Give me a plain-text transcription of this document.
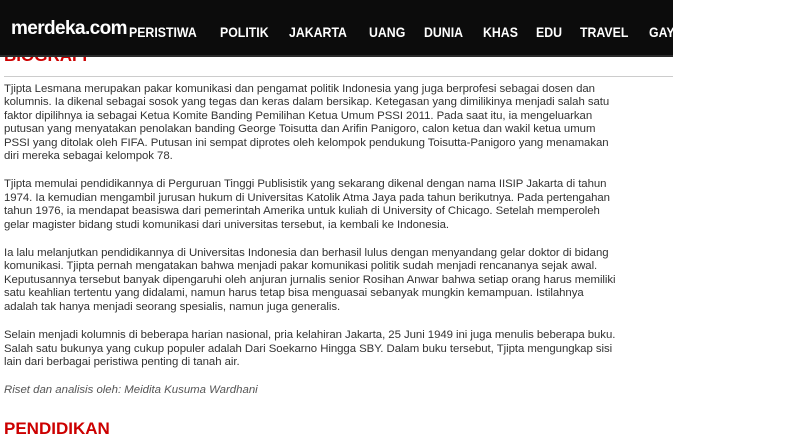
Tjipta Lesmana merupakan pakar komunikasi dan pengamat politik Indonesia yang juga berprofesi sebagai dosen dan
kolumnis. Ia dikenal sebagai sosok yang tegas dan keras dalam bersikap. Ketegasan yang dimilikinya menjadi salah satu
faktor dipilihnya ia sebagai Ketua Komite Banding Pemilihan Ketua Umum PSSI 2011. Pada saat itu, ia mengeluarkan
putusan yang menyatakan penolakan banding George Toisutta dan Arifin Panigoro, calon ketua dan wakil ketua umum
PSSI yang ditolak oleh FIFA. Putusan ini sempat diprotes oleh kelompok pendukung Toisutta-Panigoro yang menamakan
diri mereka sebagai kelompok 78.

Tjipta memulai pendidikannya di Perguruan Tinggi Publisistik yang sekarang dikenal dengan nama IISIP Jakarta di tahun
1974. Ia kemudian mengambil jurusan hukum di Universitas Katolik Atma Jaya pada tahun berikutnya. Pada pertengahan
tahun 1976, ia mendapat beasiswa dari pemerintah Amerika untuk kuliah di University of Chicago. Setelah memperoleh
gelar magister bidang studi komunikasi dari universitas tersebut, ia kembali ke Indonesia.

Ia lalu melanjutkan pendidikannya di Universitas Indonesia dan berhasil lulus dengan menyandang gelar doktor di bidang
komunikasi. Tjipta pernah mengatakan bahwa menjadi pakar komunikasi politik sudah menjadi rencananya sejak awal.
Keputusannya tersebut banyak dipengaruhi oleh anjuran jurnalis senior Rosihan Anwar bahwa setiap orang harus memiliki
satu keahlian tertentu yang didalami, namun harus tetap bisa menguasai sebanyak mungkin kemampuan. Istilahnya
adalah tak hanya menjadi seorang spesialis, namun juga generalis.

Selain menjadi kolumnis di beberapa harian nasional, pria kelahiran Jakarta, 25 Juni 1949 ini juga menulis beberapa buku.
Salah satu bukunya yang cukup populer adalah Dari Soekarno Hingga SBY. Dalam buku tersebut, Tjipta mengungkap sisi
lain dari berbagai peristiwa penting di tanah air.

Riset dan analisis oleh: Meidita Kusuma Wardhani

PENDIDIKAN
merdeka.com PERISTIWA POLITIK JAKARTA UANG DUNIA KHAS EDU TRAVEL GAYA ARTIS SPOR
